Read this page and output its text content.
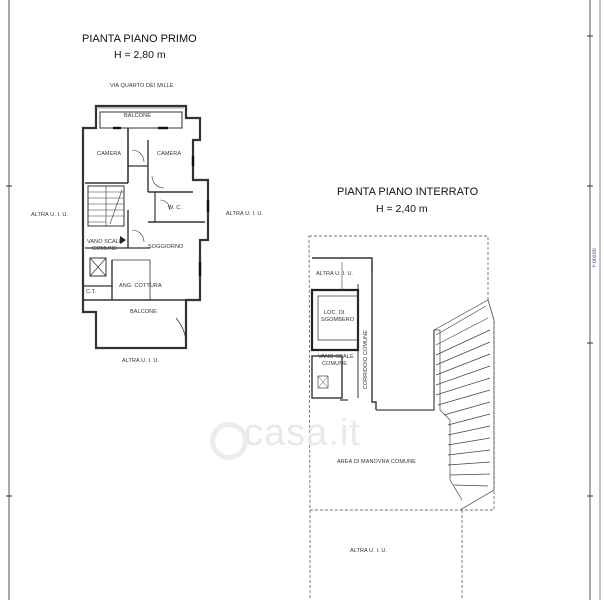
PIANTA PIANO PRIMO
H = 2,80 m
VIA QUARTO DEI MILLE
BALCONE
CAMERA	CAMERA
W. C.
VANO SCALE
COMUNE	SOGGIORNO
ANG. COTTURA
C.T.
BALCONE
ALTRA U. I. U.	ALTRA U. I. U.
ALTRA U. I. U.
PIANTA PIANO INTERRATO
H = 2,40 m
ALTRA U. I. U.
LOC. DI
SGOMBERO
CORRIDOIO COMUNE
VANO SCALE
COMUNE
AREA DI MANOVRA COMUNE
ALTRA U. I. U.
Foresti
casa.it
